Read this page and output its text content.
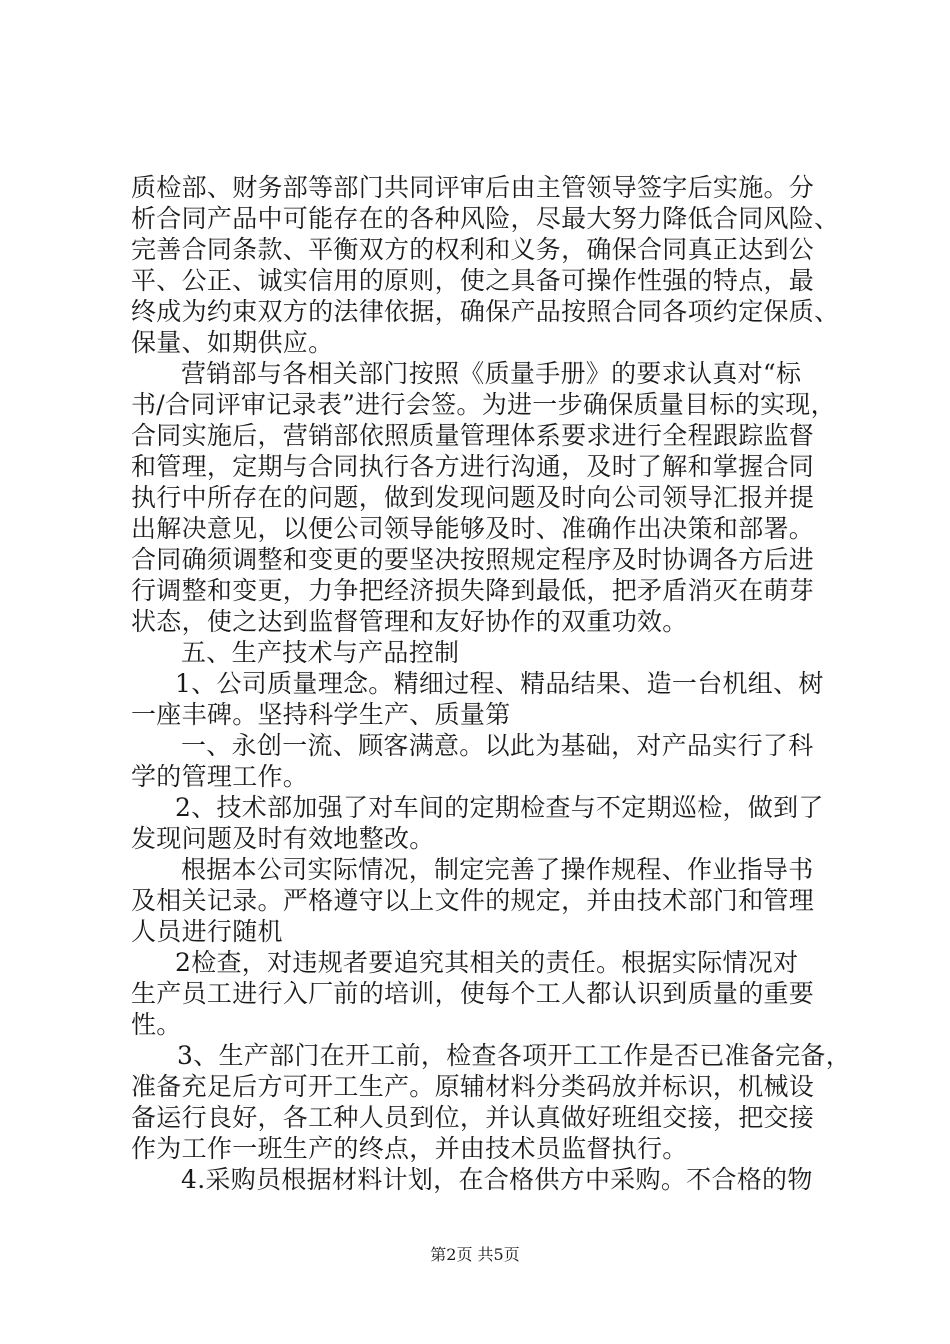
质检部、财务部等部门共同评审后由主管领导签字后实施。分
析合同产品中可能存在的各种风险，尽最大努力降低合同风险、
完善合同条款、平衡双方的权利和义务，确保合同真正达到公
平、公正、诚实信用的原则，使之具备可操作性强的特点，最
终成为约束双方的法律依据，确保产品按照合同各项约定保质、
保量、如期供应。
营销部与各相关部门按照《质量手册》的要求认真对“标
书/合同评审记录表”进行会签。为进一步确保质量目标的实现，
合同实施后，营销部依照质量管理体系要求进行全程跟踪监督
和管理，定期与合同执行各方进行沟通，及时了解和掌握合同
执行中所存在的问题，做到发现问题及时向公司领导汇报并提
出解决意见，以便公司领导能够及时、准确作出决策和部署。
合同确须调整和变更的要坚决按照规定程序及时协调各方后进
行调整和变更，力争把经济损失降到最低，把矛盾消灭在萌芽
状态，使之达到监督管理和友好协作的双重功效。
五、生产技术与产品控制
1、公司质量理念。精细过程、精品结果、造一台机组、树
一座丰碑。坚持科学生产、质量第
一、永创一流、顾客满意。以此为基础，对产品实行了科
学的管理工作。
2、技术部加强了对车间的定期检查与不定期巡检，做到了
发现问题及时有效地整改。
根据本公司实际情况，制定完善了操作规程、作业指导书
及相关记录。严格遵守以上文件的规定，并由技术部门和管理
人员进行随机
2检查，对违规者要追究其相关的责任。根据实际情况对
生产员工进行入厂前的培训，使每个工人都认识到质量的重要
性。
3、生产部门在开工前，检查各项开工工作是否已准备完备，
准备充足后方可开工生产。原辅材料分类码放并标识，机械设
备运行良好，各工种人员到位，并认真做好班组交接，把交接
作为工作一班生产的终点，并由技术员监督执行。
4.采购员根据材料计划，在合格供方中采购。不合格的物
第2页 共5页
